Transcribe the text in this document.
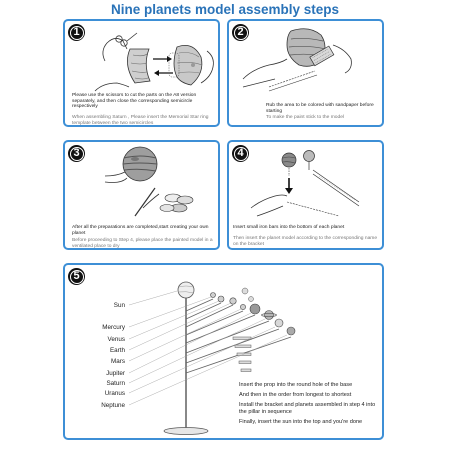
Nine planets model assembly steps
1
Please use the scissors to cut the parts on the A8 version separately, and then close the corresponding semicircle respectively
When assembling Saturn , Please insert the Memorial Star ring template between the two semicircles
2
Rub the area to be colored with sandpaper before starting
To make the paint stick to the model
3
After all the preparations are completed,start creating your own planet
Before proceeding to Step 4, please place the painted model in a ventilated place to dry
4
Insert small iron bars into the bottom of each planet
Then insert the planet model according to the corresponding name on the bracket
5
Sun
Mercury
Venus
Earth
Mars
Jupiter
Saturn
Uranus
Neptune
Insert the prop into the round hole of the base
And then in the order from longest to shortest
Install the bracket and planets assembled in step 4 into the pillar in sequence
Finally, insert the sun into the top and you're done
